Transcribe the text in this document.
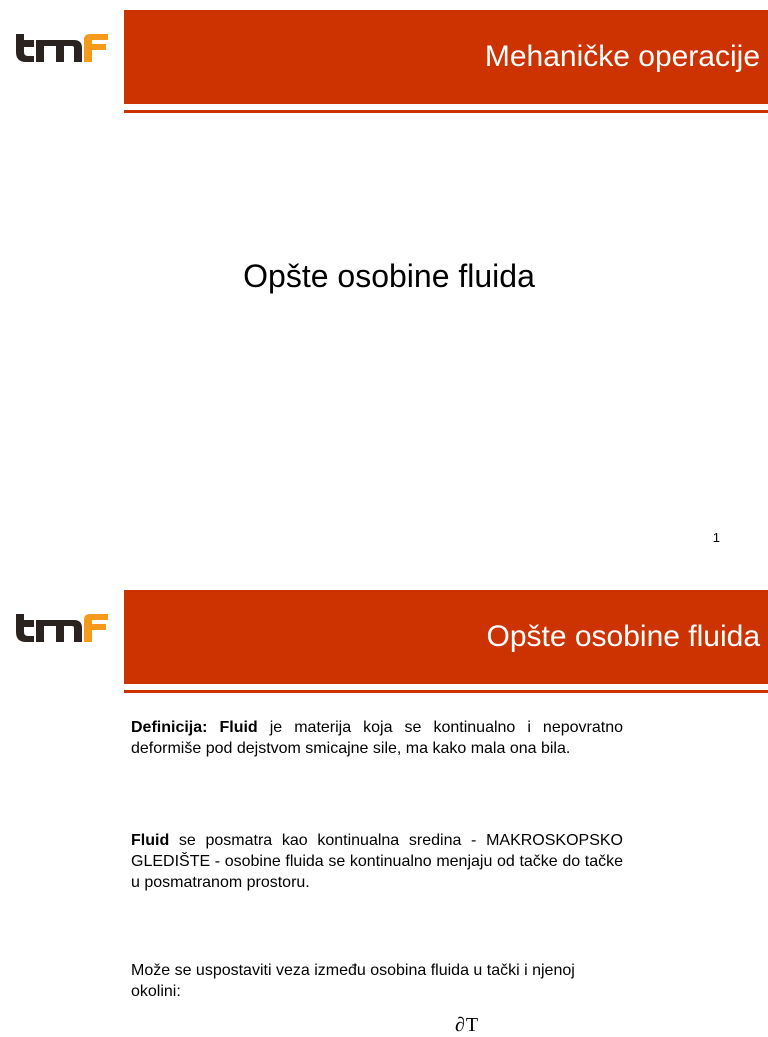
Mehaničke operacije
Opšte osobine fluida
1
Opšte osobine fluida
Definicija: Fluid je materija koja se kontinualno i nepovratno deformiše pod dejstvom smicajne sile, ma kako mala ona bila.
Fluid se posmatra kao kontinualna sredina - MAKROSKOPSKO GLEDIŠTE - osobine fluida se kontinualno menjaju od tačke do tačke u posmatranom prostoru.
Može se uspostaviti veza između osobina fluida u tački i njenoj okolini:
∂T
